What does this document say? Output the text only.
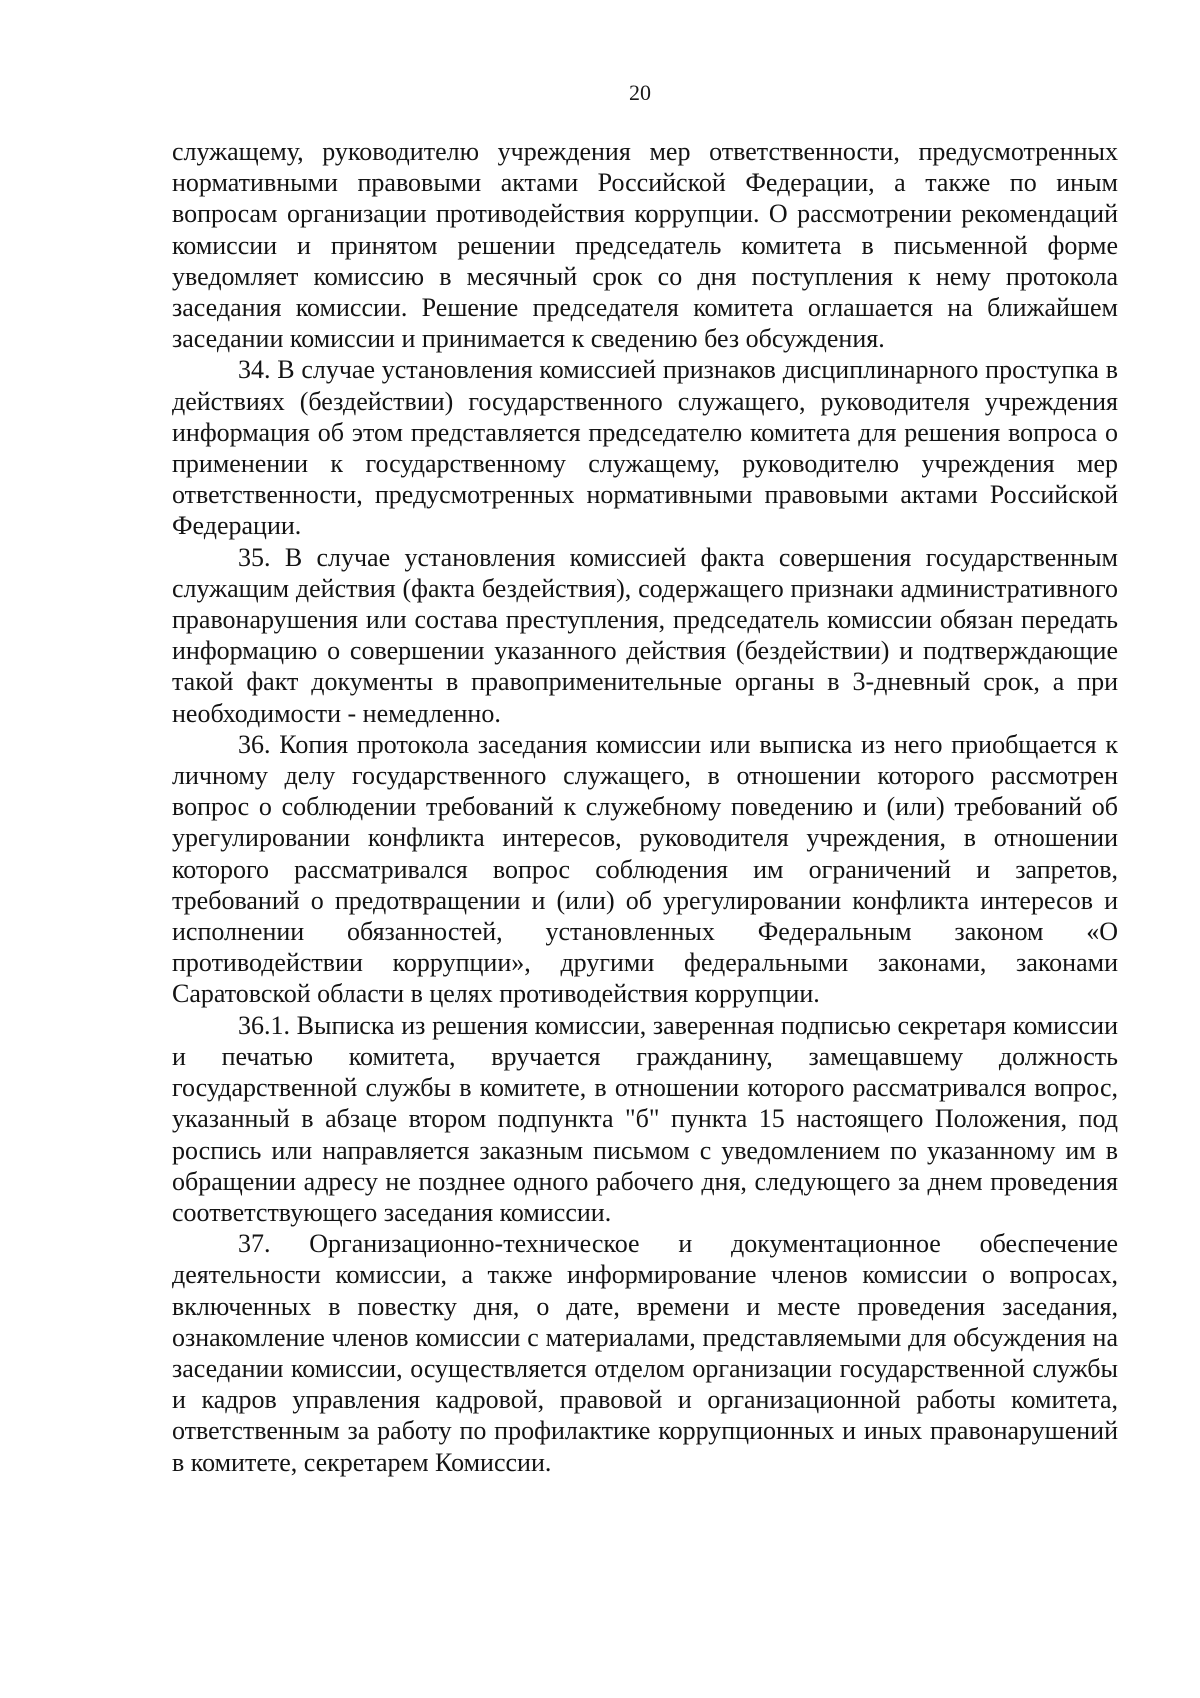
20

служащему, руководителю учреждения мер ответственности, предусмотренных нормативными правовыми актами Российской Федерации, а также по иным вопросам организации противодействия коррупции. О рассмотрении рекомендаций комиссии и принятом решении председатель комитета в письменной форме уведомляет комиссию в месячный срок со дня поступления к нему протокола заседания комиссии. Решение председателя комитета оглашается на ближайшем заседании комиссии и принимается к сведению без обсуждения.

34. В случае установления комиссией признаков дисциплинарного проступка в действиях (бездействии) государственного служащего, руководителя учреждения информация об этом представляется председателю комитета для решения вопроса о применении к государственному служащему, руководителю учреждения мер ответственности, предусмотренных нормативными правовыми актами Российской Федерации.

35. В случае установления комиссией факта совершения государственным служащим действия (факта бездействия), содержащего признаки административного правонарушения или состава преступления, председатель комиссии обязан передать информацию о совершении указанного действия (бездействии) и подтверждающие такой факт документы в правоприменительные органы в 3-дневный срок, а при необходимости - немедленно.

36. Копия протокола заседания комиссии или выписка из него приобщается к личному делу государственного служащего, в отношении которого рассмотрен вопрос о соблюдении требований к служебному поведению и (или) требований об урегулировании конфликта интересов, руководителя учреждения, в отношении которого рассматривался вопрос соблюдения им ограничений и запретов, требований о предотвращении и (или) об урегулировании конфликта интересов и исполнении обязанностей, установленных Федеральным законом «О противодействии коррупции», другими федеральными законами, законами Саратовской области в целях противодействия коррупции.

36.1. Выписка из решения комиссии, заверенная подписью секретаря комиссии и печатью комитета, вручается гражданину, замещавшему должность государственной службы в комитете, в отношении которого рассматривался вопрос, указанный в абзаце втором подпункта "б" пункта 15 настоящего Положения, под роспись или направляется заказным письмом с уведомлением по указанному им в обращении адресу не позднее одного рабочего дня, следующего за днем проведения соответствующего заседания комиссии.

37. Организационно-техническое и документационное обеспечение деятельности комиссии, а также информирование членов комиссии о вопросах, включенных в повестку дня, о дате, времени и месте проведения заседания, ознакомление членов комиссии с материалами, представляемыми для обсуждения на заседании комиссии, осуществляется отделом организации государственной службы и кадров управления кадровой, правовой и организационной работы комитета, ответственным за работу по профилактике коррупционных и иных правонарушений в комитете, секретарем Комиссии.
